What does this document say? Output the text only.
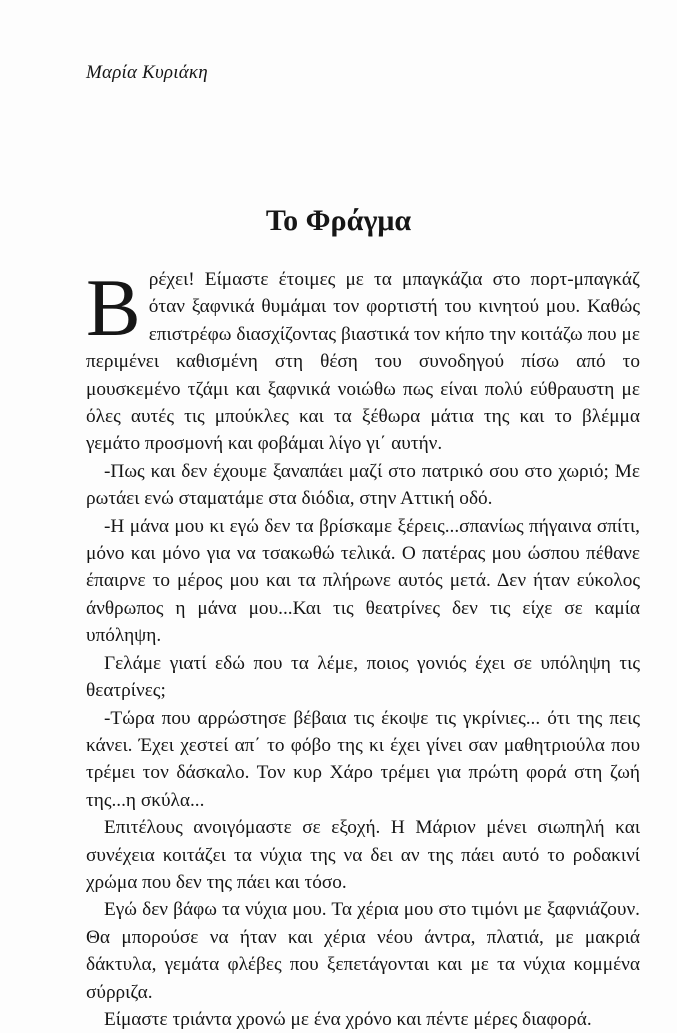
Μαρία Κυριάκη
Το Φράγμα

Βρέχει! Είμαστε έτοιμες με τα μπαγκάζια στο πορτ-μπαγκάζ όταν ξαφνικά θυμάμαι τον φορτιστή του κινητού μου. Καθώς επιστρέφω διασχίζοντας βιαστικά τον κήπο την κοιτάζω που με περιμένει καθισμένη στη θέση του συνοδηγού πίσω από το μουσκεμένο τζάμι και ξαφνικά νοιώθω πως είναι πολύ εύθραυστη με όλες αυτές τις μπούκλες και τα ξέθωρα μάτια της και το βλέμμα γεμάτο προσμονή και φοβάμαι λίγο γι΄ αυτήν.

-Πως και δεν έχουμε ξαναπάει μαζί στο πατρικό σου στο χωριό; Με ρωτάει ενώ σταματάμε στα διόδια, στην Αττική οδό.

-Η μάνα μου κι εγώ δεν τα βρίσκαμε ξέρεις...σπανίως πήγαινα σπίτι, μόνο και μόνο για να τσακωθώ τελικά. Ο πατέρας μου ώσπου πέθανε έπαιρνε το μέρος μου και τα πλήρωνε αυτός μετά. Δεν ήταν εύκολος άνθρωπος η μάνα μου...Και τις θεατρίνες δεν τις είχε σε καμία υπόληψη.

Γελάμε γιατί εδώ που τα λέμε, ποιος γονιός έχει σε υπόληψη τις θεατρίνες;

-Τώρα που αρρώστησε βέβαια τις έκοψε τις γκρίνιες... ότι της πεις κάνει. Έχει χεστεί απ΄ το φόβο της κι έχει γίνει σαν μαθητριούλα που τρέμει τον δάσκαλο. Τον κυρ Χάρο τρέμει για πρώτη φορά στη ζωή της...η σκύλα...

Επιτέλους ανοιγόμαστε σε εξοχή. Η Μάριον μένει σιωπηλή και συνέχεια κοιτάζει τα νύχια της να δει αν της πάει αυτό το ροδακινί χρώμα που δεν της πάει και τόσο.

Εγώ δεν βάφω τα νύχια μου. Τα χέρια μου στο τιμόνι με ξαφνιάζουν. Θα μπορούσε να ήταν και χέρια νέου άντρα, πλατιά, με μακριά δάκτυλα, γεμάτα φλέβες που ξεπετάγονται και με τα νύχια κομμένα σύρριζα.

Είμαστε τριάντα χρονώ με ένα χρόνο και πέντε μέρες διαφορά.
